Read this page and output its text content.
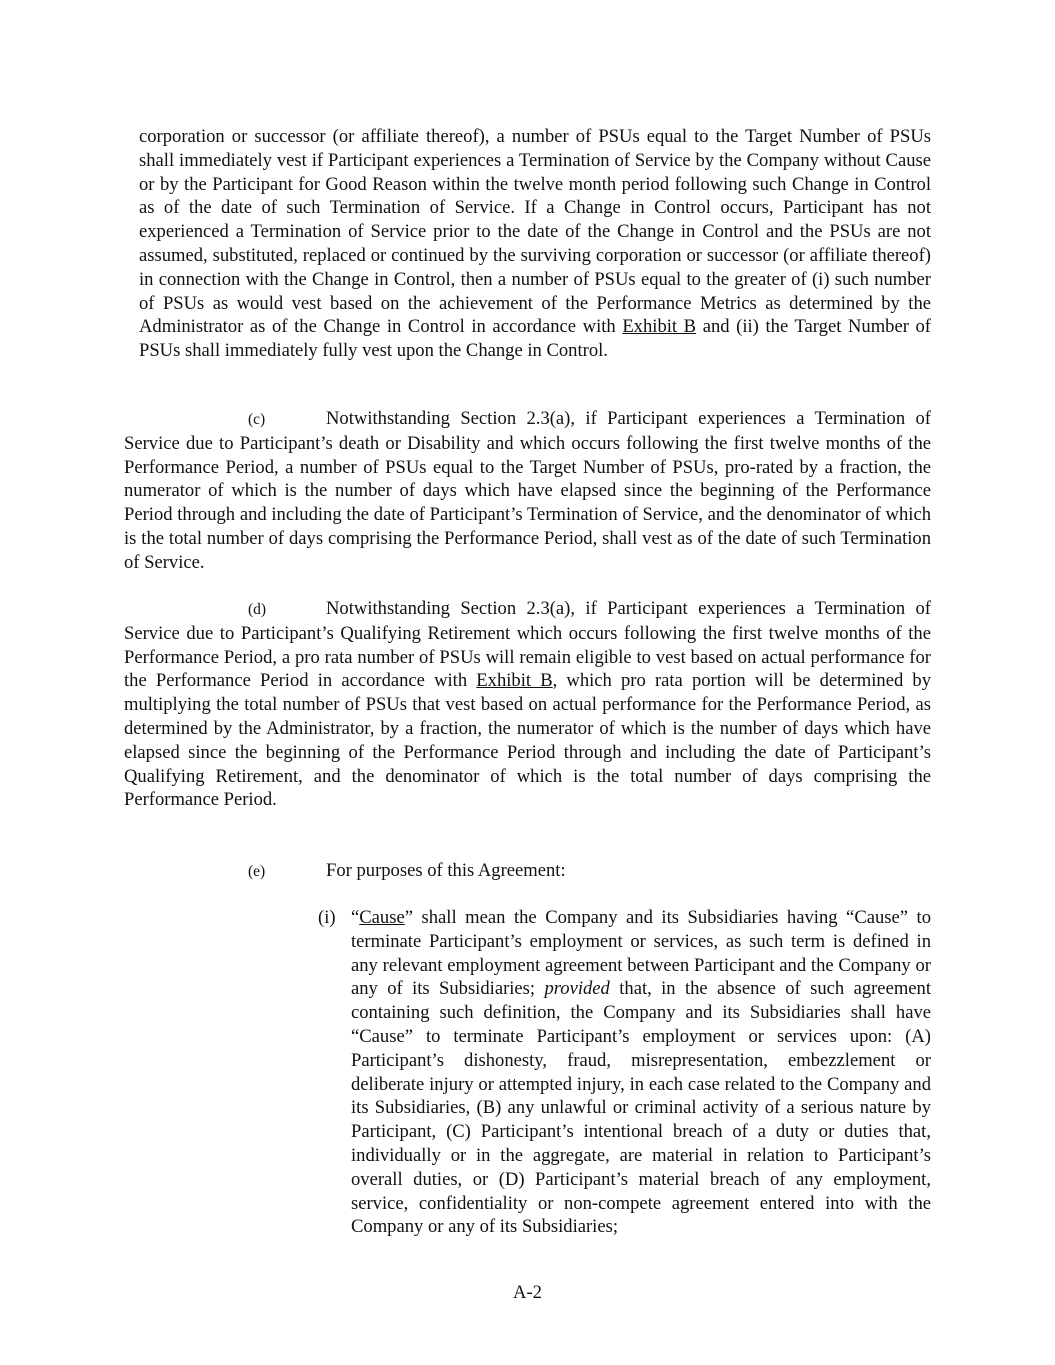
corporation or successor (or affiliate thereof), a number of PSUs equal to the Target Number of PSUs shall immediately vest if Participant experiences a Termination of Service by the Company without Cause or by the Participant for Good Reason within the twelve month period following such Change in Control as of the date of such Termination of Service. If a Change in Control occurs, Participant has not experienced a Termination of Service prior to the date of the Change in Control and the PSUs are not assumed, substituted, replaced or continued by the surviving corporation or successor (or affiliate thereof) in connection with the Change in Control, then a number of PSUs equal to the greater of (i) such number of PSUs as would vest based on the achievement of the Performance Metrics as determined by the Administrator as of the Change in Control in accordance with Exhibit B and (ii) the Target Number of PSUs shall immediately fully vest upon the Change in Control.

(c)	Notwithstanding Section 2.3(a), if Participant experiences a Termination of Service due to Participant’s death or Disability and which occurs following the first twelve months of the Performance Period, a number of PSUs equal to the Target Number of PSUs, pro-rated by a fraction, the numerator of which is the number of days which have elapsed since the beginning of the Performance Period through and including the date of Participant’s Termination of Service, and the denominator of which is the total number of days comprising the Performance Period, shall vest as of the date of such Termination of Service.

(d)	Notwithstanding Section 2.3(a), if Participant experiences a Termination of Service due to Participant’s Qualifying Retirement which occurs following the first twelve months of the Performance Period, a pro rata number of PSUs will remain eligible to vest based on actual performance for the Performance Period in accordance with Exhibit B, which pro rata portion will be determined by multiplying the total number of PSUs that vest based on actual performance for the Performance Period, as determined by the Administrator, by a fraction, the numerator of which is the number of days which have elapsed since the beginning of the Performance Period through and including the date of Participant’s Qualifying Retirement, and the denominator of which is the total number of days comprising the Performance Period.

(e)	For purposes of this Agreement:
(i) “Cause” shall mean the Company and its Subsidiaries having “Cause” to terminate Participant’s employment or services, as such term is defined in any relevant employment agreement between Participant and the Company or any of its Subsidiaries; provided that, in the absence of such agreement containing such definition, the Company and its Subsidiaries shall have “Cause” to terminate Participant’s employment or services upon: (A) Participant’s dishonesty, fraud, misrepresentation, embezzlement or deliberate injury or attempted injury, in each case related to the Company and its Subsidiaries, (B) any unlawful or criminal activity of a serious nature by Participant, (C) Participant’s intentional breach of a duty or duties that, individually or in the aggregate, are material in relation to Participant’s overall duties, or (D) Participant’s material breach of any employment, service, confidentiality or non-compete agreement entered into with the Company or any of its Subsidiaries;

A-2
